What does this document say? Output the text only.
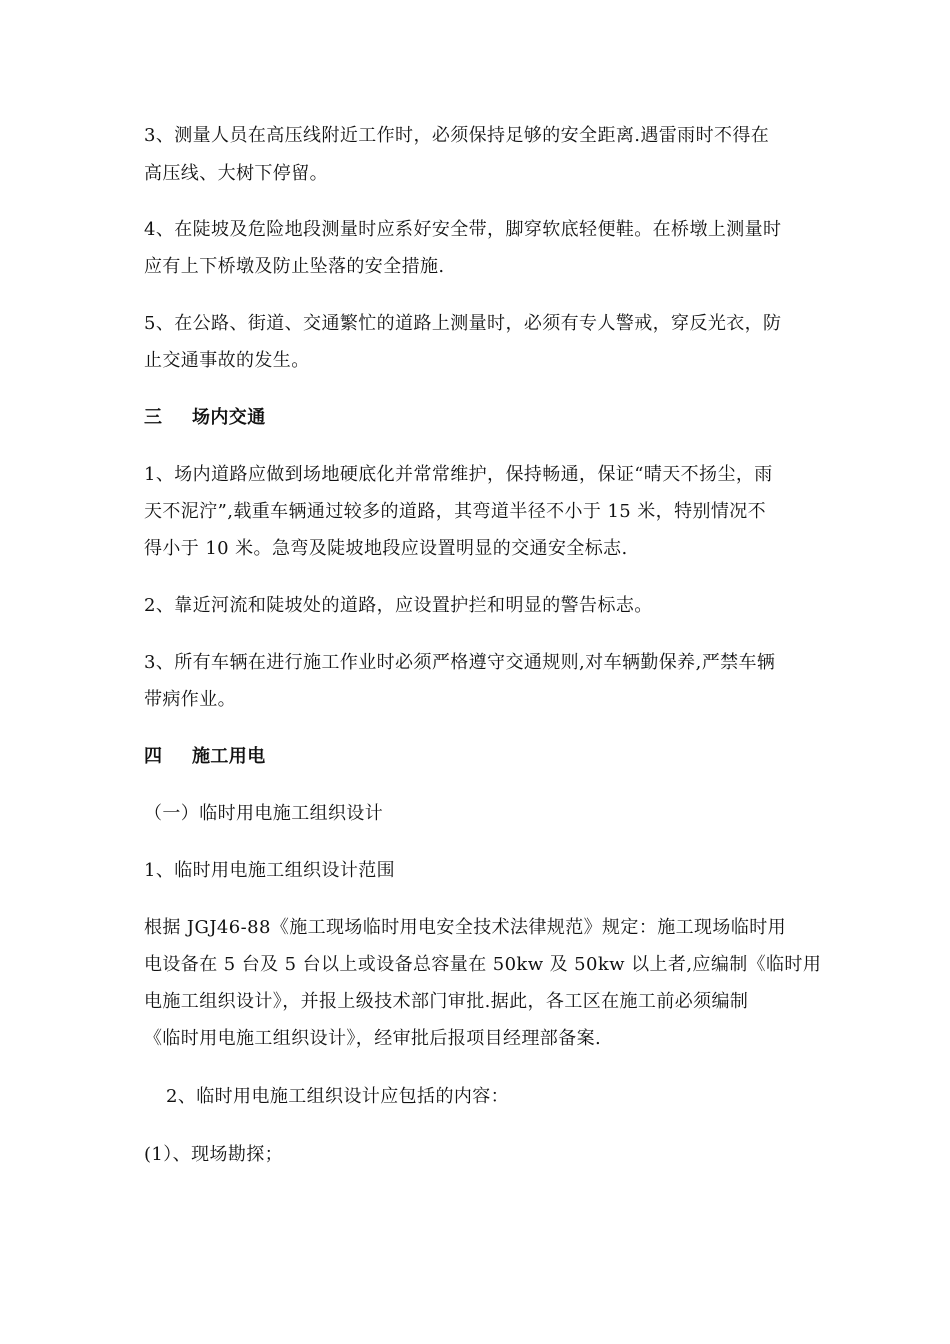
3、测量人员在高压线附近工作时，必须保持足够的安全距离.遇雷雨时不得在
高压线、大树下停留。
4、在陡坡及危险地段测量时应系好安全带，脚穿软底轻便鞋。在桥墩上测量时
应有上下桥墩及防止坠落的安全措施.
5、在公路、街道、交通繁忙的道路上测量时，必须有专人警戒，穿反光衣，防
止交通事故的发生。
三 场内交通
1、场内道路应做到场地硬底化并常常维护，保持畅通，保证“晴天不扬尘，雨
天不泥泞”,载重车辆通过较多的道路，其弯道半径不小于 15 米，特别情况不
得小于 10 米。急弯及陡坡地段应设置明显的交通安全标志.
2、靠近河流和陡坡处的道路，应设置护拦和明显的警告标志。
3、所有车辆在进行施工作业时必须严格遵守交通规则,对车辆勤保养,严禁车辆
带病作业。
四 施工用电
（一）临时用电施工组织设计
1、临时用电施工组织设计范围
根据 JGJ46-88《施工现场临时用电安全技术法律规范》规定：施工现场临时用
电设备在 5 台及 5 台以上或设备总容量在 50kw 及 50kw 以上者,应编制《临时用
电施工组织设计》，并报上级技术部门审批.据此，各工区在施工前必须编制
《临时用电施工组织设计》，经审批后报项目经理部备案.
2、临时用电施工组织设计应包括的内容：
(1）、现场勘探；
